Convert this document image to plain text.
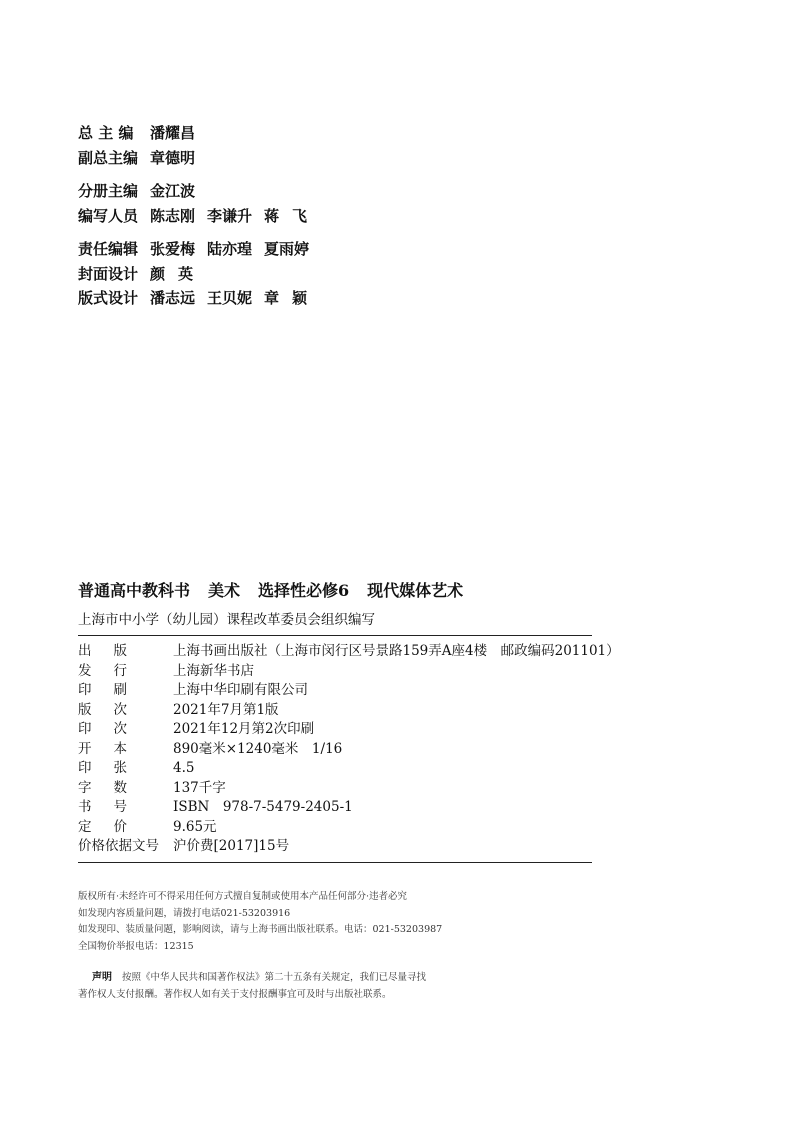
总 主 编 潘耀昌
副总主编 章德明
分册主编 金江波
编写人员 陈志刚 李谦升 蒋飞
责任编辑 张爱梅 陆亦瑝 夏雨婷
封面设计 颜英
版式设计 潘志远 王贝妮 章颖
普通高中教科书 美术 选择性必修6 现代媒体艺术
上海市中小学（幼儿园）课程改革委员会组织编写
出版 上海书画出版社（上海市闵行区号景路159弄A座4楼　邮政编码201101）
发行 上海新华书店
印刷 上海中华印刷有限公司
版次 2021年7月第1版
印次 2021年12月第2次印刷
开本 890毫米×1240毫米　1/16
印张 4.5
字数 137千字
书号 ISBN　978-7-5479-2405-1
定价 9.65元
价格依据文号 沪价费[2017]15号
版权所有·未经许可不得采用任何方式擅自复制或使用本产品任何部分·违者必究
如发现内容质量问题，请拨打电话021-53203916
如发现印、装质量问题，影响阅读，请与上海书画出版社联系。电话：021-53203987
全国物价举报电话：12315
声明 按照《中华人民共和国著作权法》第二十五条有关规定，我们已尽量寻找
著作权人支付报酬。著作权人如有关于支付报酬事宜可及时与出版社联系。
